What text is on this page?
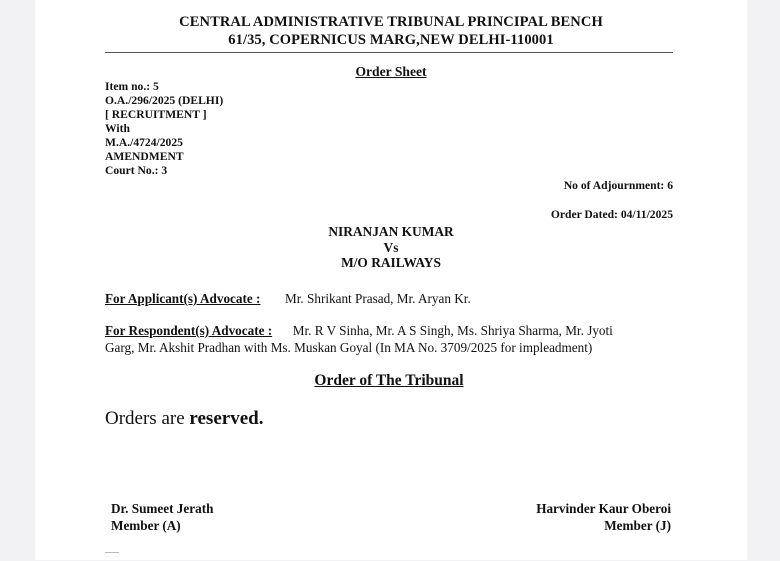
CENTRAL ADMINISTRATIVE TRIBUNAL PRINCIPAL BENCH
61/35, COPERNICUS MARG,NEW DELHI-110001
Order Sheet
Item no.: 5
O.A./296/2025 (DELHI)
[ RECRUITMENT ]
With
M.A./4724/2025
AMENDMENT
Court No.: 3
No of Adjournment: 6
Order Dated: 04/11/2025
NIRANJAN KUMAR
Vs
M/O RAILWAYS
For Applicant(s) Advocate : Mr. Shrikant Prasad, Mr. Aryan Kr.
For Respondent(s) Advocate : Mr. R V Sinha, Mr. A S Singh, Ms. Shriya Sharma, Mr. Jyoti
Garg, Mr. Akshit Pradhan with Ms. Muskan Goyal (In MA No. 3709/2025 for impleadment)
Order of The Tribunal
Orders are reserved.
Dr. Sumeet Jerath
Member (A)
Harvinder Kaur Oberoi
Member (J)
